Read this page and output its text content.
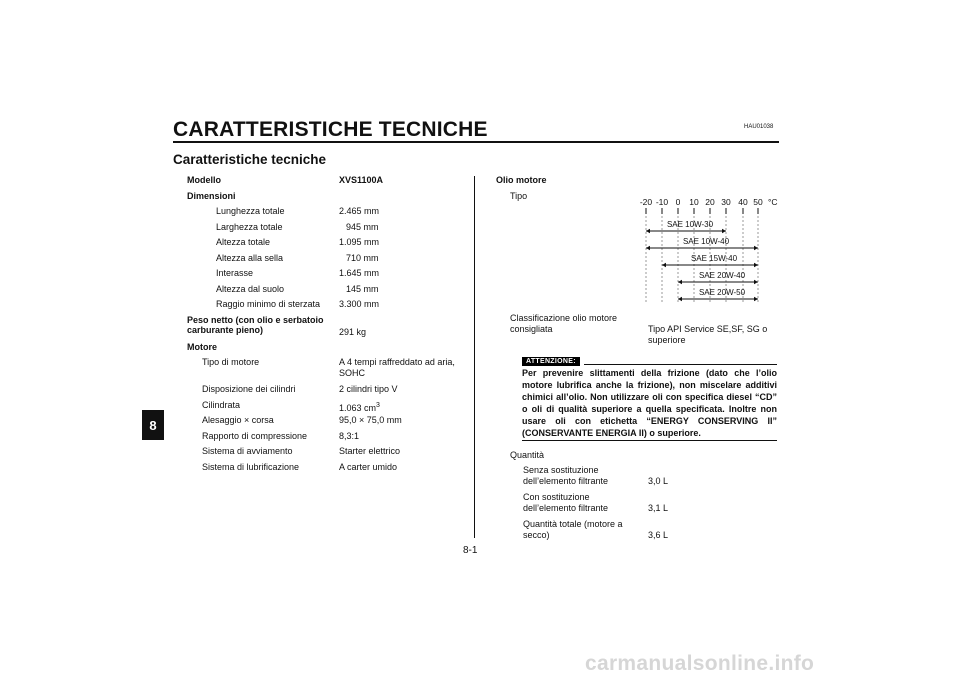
CARATTERISTICHE TECNICHE	HAU01038
Caratteristiche tecniche
8
8-1
Modello	XVS1100A
Dimensioni
Lunghezza totale	2.465 mm
Larghezza totale	945 mm
Altezza totale	1.095 mm
Altezza alla sella	710 mm
Interasse	1.645 mm
Altezza dal suolo	145 mm
Raggio minimo di sterzata 3.300 mm
Peso netto (con olio e serbatoio
carburante pieno)	291 kg
Motore
Tipo di motore	A 4 tempi raffreddato ad aria,
SOHC
Disposizione dei cilindri	2 cilindri tipo V
Cilindrata	1.063 $cm^3$
Alesaggio × corsa	95,0 × 75,0 mm
Rapporto di compressione	8,3:1
Sistema di avviamento	Starter elettrico
Sistema di lubrificazione	A carter umido
Olio motore
Tipo
-20 -10 0 10 20 30 40 50 °C
SAE 10W-30
SAE 10W-40
SAE 15W-40
SAE 20W-40
SAE 20W-50
Classificazione olio motore
consigliata	Tipo API Service SE,SF, SG o
superiore
ATTENZIONE:
Per prevenire slittamenti della frizione (dato che l’olio motore lubrifica anche la frizione), non miscelare additivi chimici all’olio. Non utilizzare oli con specifica diesel “CD” o oli di qualità superiore a quella specificata. Inoltre non usare oli con etichetta “ENERGY CONSERVING II” (CONSERVANTE ENERGIA II) o superiore.
Quantità
Senza sostituzione
dell’elemento filtrante	3,0 L
Con sostituzione
dell’elemento filtrante	3,1 L
Quantità totale (motore a
secco)	3,6 L
carmanualsonline.info
